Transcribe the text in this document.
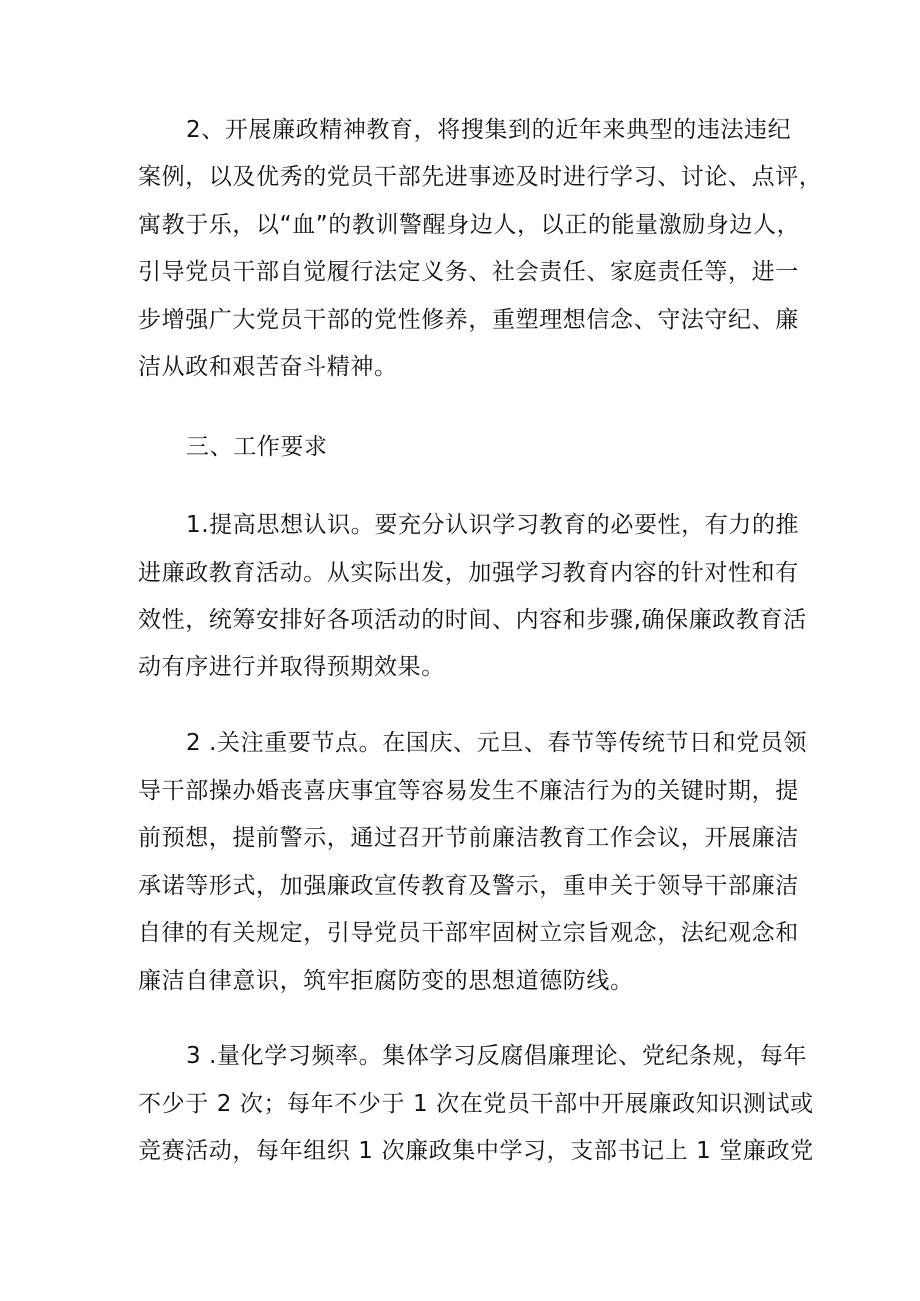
2、开展廉政精神教育，将搜集到的近年来典型的违法违纪
案例，以及优秀的党员干部先进事迹及时进行学习、讨论、点评，
寓教于乐，以“血”的教训警醒身边人，以正的能量激励身边人，
引导党员干部自觉履行法定义务、社会责任、家庭责任等，进一
步增强广大党员干部的党性修养，重塑理想信念、守法守纪、廉
洁从政和艰苦奋斗精神。
三、工作要求
1.提高思想认识。要充分认识学习教育的必要性，有力的推
进廉政教育活动。从实际出发，加强学习教育内容的针对性和有
效性，统筹安排好各项活动的时间、内容和步骤,确保廉政教育活
动有序进行并取得预期效果。
2 .关注重要节点。在国庆、元旦、春节等传统节日和党员领
导干部操办婚丧喜庆事宜等容易发生不廉洁行为的关键时期，提
前预想，提前警示，通过召开节前廉洁教育工作会议，开展廉洁
承诺等形式，加强廉政宣传教育及警示，重申关于领导干部廉洁
自律的有关规定，引导党员干部牢固树立宗旨观念，法纪观念和
廉洁自律意识，筑牢拒腐防变的思想道德防线。
3 .量化学习频率。集体学习反腐倡廉理论、党纪条规，每年
不少于 2 次；每年不少于 1 次在党员干部中开展廉政知识测试或
竞赛活动，每年组织 1 次廉政集中学习，支部书记上 1 堂廉政党
